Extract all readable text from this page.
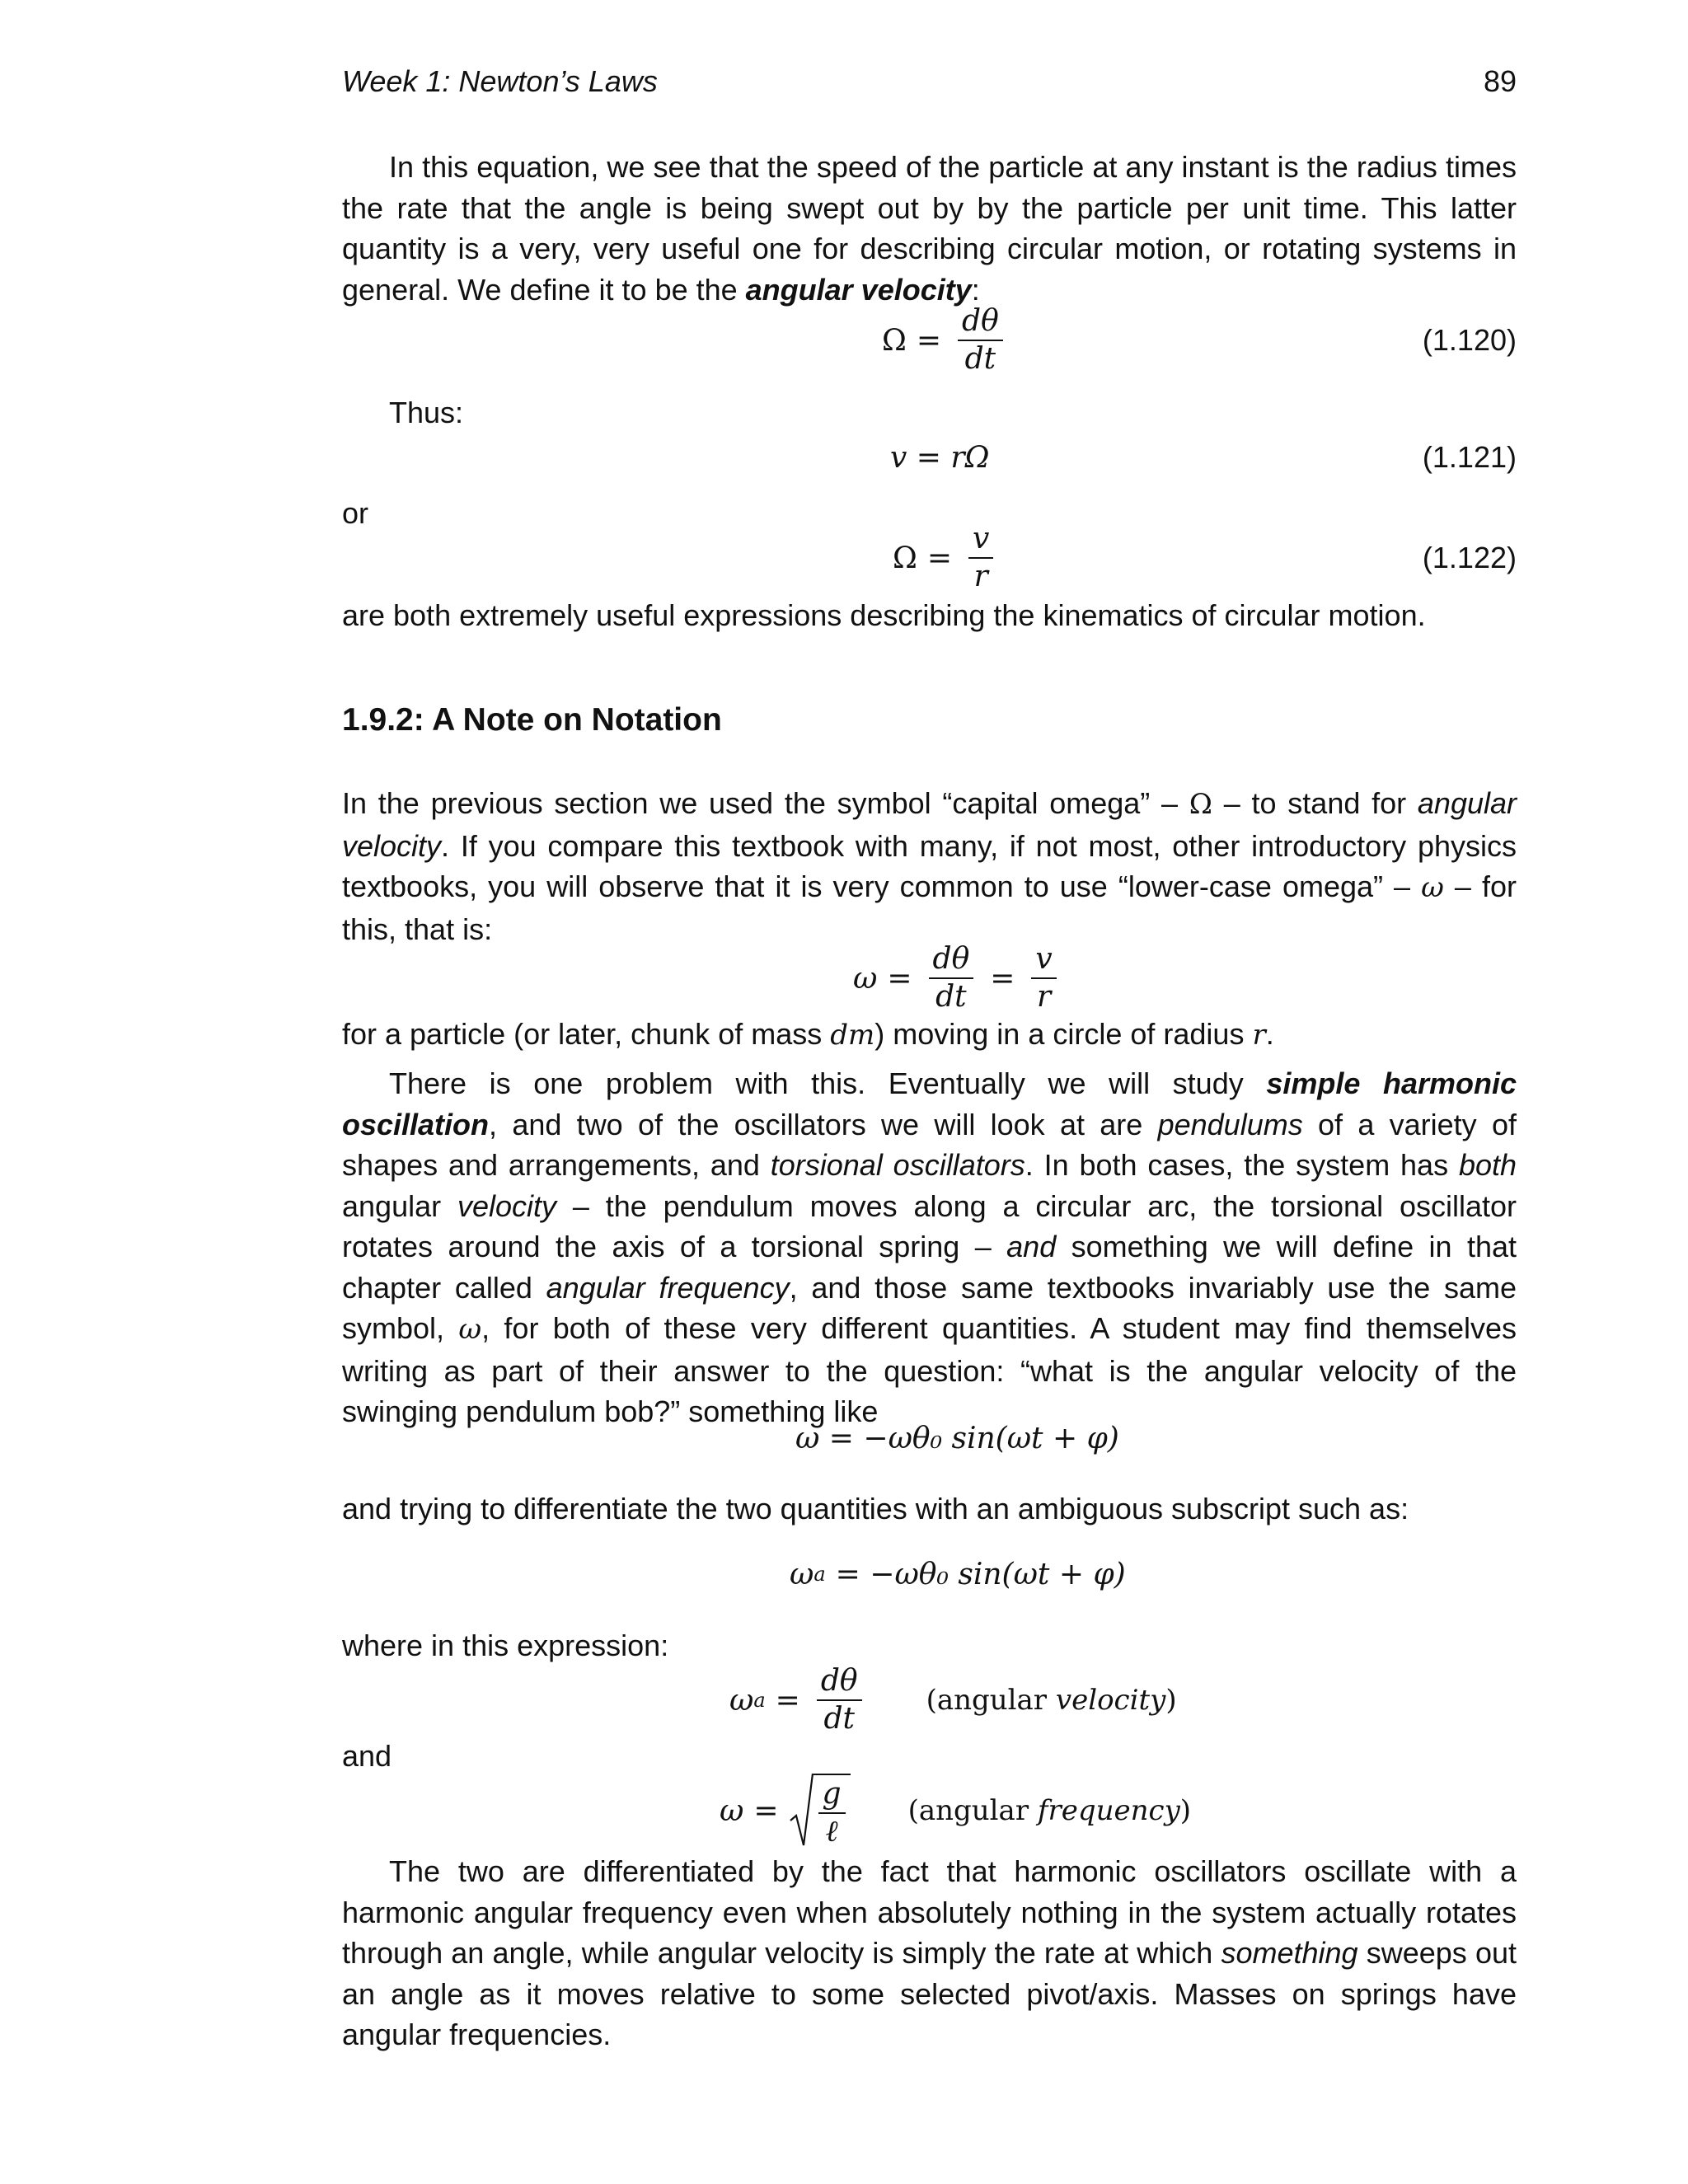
Week 1: Newton’s Laws	89

In this equation, we see that the speed of the particle at any instant is the radius times the rate that the angle is being swept out by by the particle per unit time. This latter quantity is a very, very useful one for describing circular motion, or rotating systems in general. We define it to be the angular velocity:

$\Omega = \frac{d\theta}{dt}$	(1.120)

Thus:

v = rΩ	(1.121)

or

$\Omega = \frac{v}{r}$	(1.122)

are both extremely useful expressions describing the kinematics of circular motion.

1.9.2: A Note on Notation

In the previous section we used the symbol “capital omega” – Ω – to stand for angular velocity. If you compare this textbook with many, if not most, other introductory physics textbooks, you will observe that it is very common to use “lower-case omega” – ω – for this, that is:

$\omega = \frac{d\theta}{dt} = \frac{v}{r}$

for a particle (or later, chunk of mass dm) moving in a circle of radius r.

There is one problem with this. Eventually we will study simple harmonic oscillation, and two of the oscillators we will look at are pendulums of a variety of shapes and arrangements, and torsional oscillators. In both cases, the system has both angular velocity – the pendulum moves along a circular arc, the torsional oscillator rotates around the axis of a torsional spring – and something we will define in that chapter called angular frequency, and those same textbooks invariably use the same symbol, ω, for both of these very different quantities. A student may find themselves writing as part of their answer to the question: “what is the angular velocity of the swinging pendulum bob?” something like

ω = −ωθ₀ sin(ωt + φ)

and trying to differentiate the two quantities with an ambiguous subscript such as:

ω a = −ωθ₀ sin(ωt + φ)

where in this expression:

ω $a = \frac{d\theta}{dt}$ (angular velocity)

and

$\omega = \frac{g}{\text{ℓ}}$ (angular frequency)

The two are differentiated by the fact that harmonic oscillators oscillate with a harmonic angular frequency even when absolutely nothing in the system actually rotates through an angle, while angular velocity is simply the rate at which something sweeps out an angle as it moves relative to some selected pivot/axis. Masses on springs have angular frequencies.
